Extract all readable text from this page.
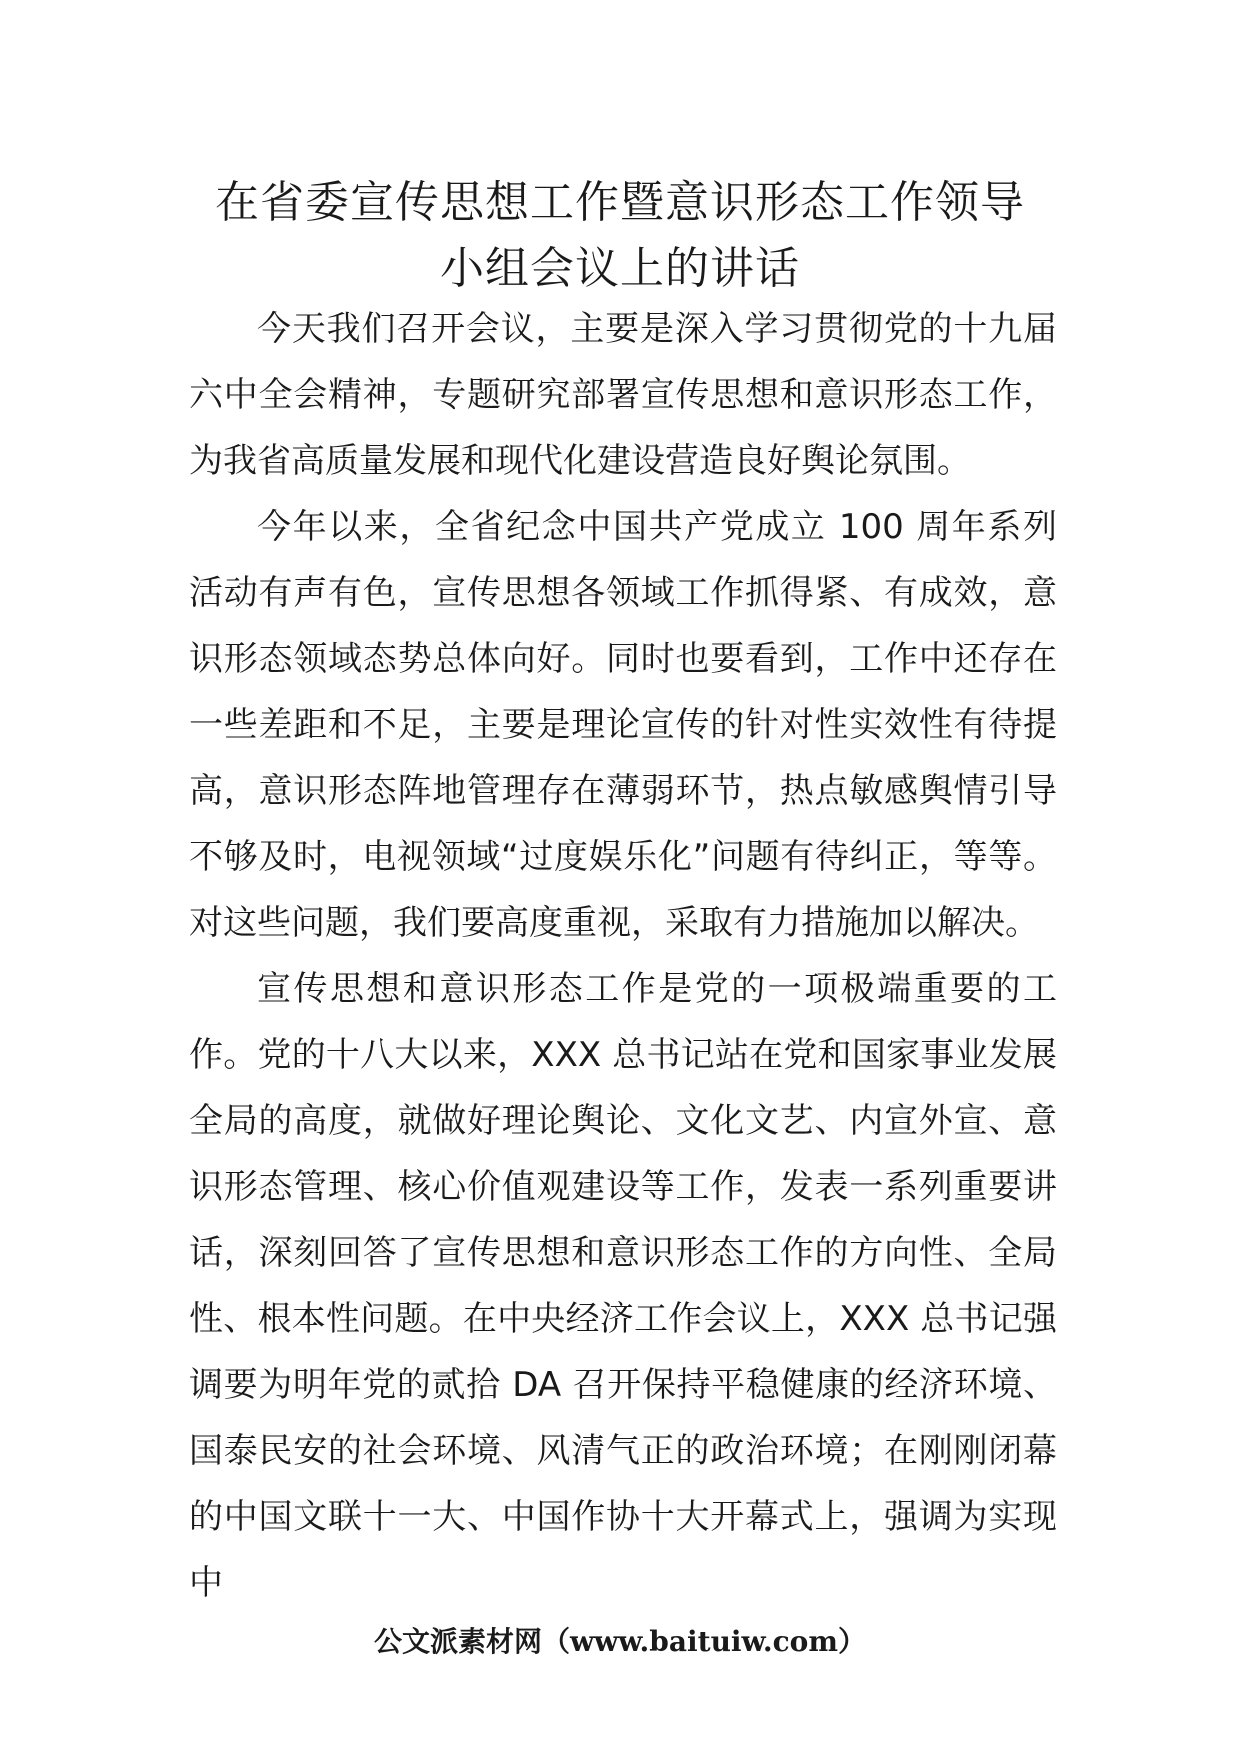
在省委宣传思想工作暨意识形态工作领导
小组会议上的讲话

今天我们召开会议，主要是深入学习贯彻党的十九届六中全会精神，专题研究部署宣传思想和意识形态工作，为我省高质量发展和现代化建设营造良好舆论氛围。

今年以来，全省纪念中国共产党成立 100 周年系列活动有声有色，宣传思想各领域工作抓得紧、有成效，意识形态领域态势总体向好。同时也要看到，工作中还存在一些差距和不足，主要是理论宣传的针对性实效性有待提高，意识形态阵地管理存在薄弱环节，热点敏感舆情引导不够及时，电视领域“过度娱乐化”问题有待纠正，等等。对这些问题，我们要高度重视，采取有力措施加以解决。

宣传思想和意识形态工作是党的一项极端重要的工作。党的十八大以来，XXX 总书记站在党和国家事业发展全局的高度，就做好理论舆论、文化文艺、内宣外宣、意识形态管理、核心价值观建设等工作，发表一系列重要讲话，深刻回答了宣传思想和意识形态工作的方向性、全局性、根本性问题。在中央经济工作会议上，XXX 总书记强调要为明年党的贰拾 DA 召开保持平稳健康的经济环境、国泰民安的社会环境、风清气正的政治环境；在刚刚闭幕的中国文联十一大、中国作协十大开幕式上，强调为实现中

公文派素材网（www.baituiw.com）
